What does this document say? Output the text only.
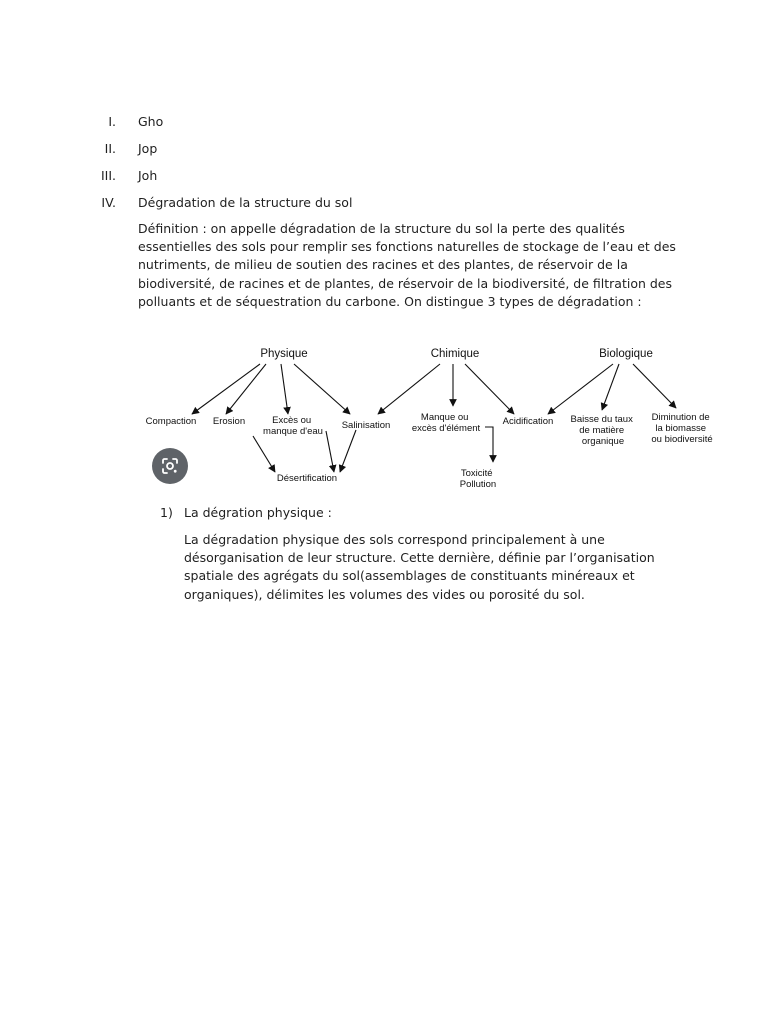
I. Gho
II. Jop
III. Joh
IV. Dégradation de la structure du sol

Définition : on appelle dégradation de la structure du sol la perte des qualités essentielles des sols pour remplir ses fonctions naturelles de stockage de l’eau et des nutriments, de milieu de soutien des racines et des plantes, de réservoir de la biodiversité, de racines et de plantes, de réservoir de la biodiversité, de filtration des polluants et de séquestration du carbone. On distingue 3 types de dégradation :

Physique	Chimique	Biologique
Compaction Erosion	Excès ou manque d'eau
Salinisation
Désertification
Manque ou excès d'élément
Toxicité Pollution
Acidification Baisse du taux de matière organique
Diminution de la biomasse ou biodiversité
1) La dégration physique :

La dégradation physique des sols correspond principalement à une désorganisation de leur structure. Cette dernière, définie par l’organisation spatiale des agrégats du sol(assemblages de constituants minéreaux et organiques), délimites les volumes des vides ou porosité du sol.
